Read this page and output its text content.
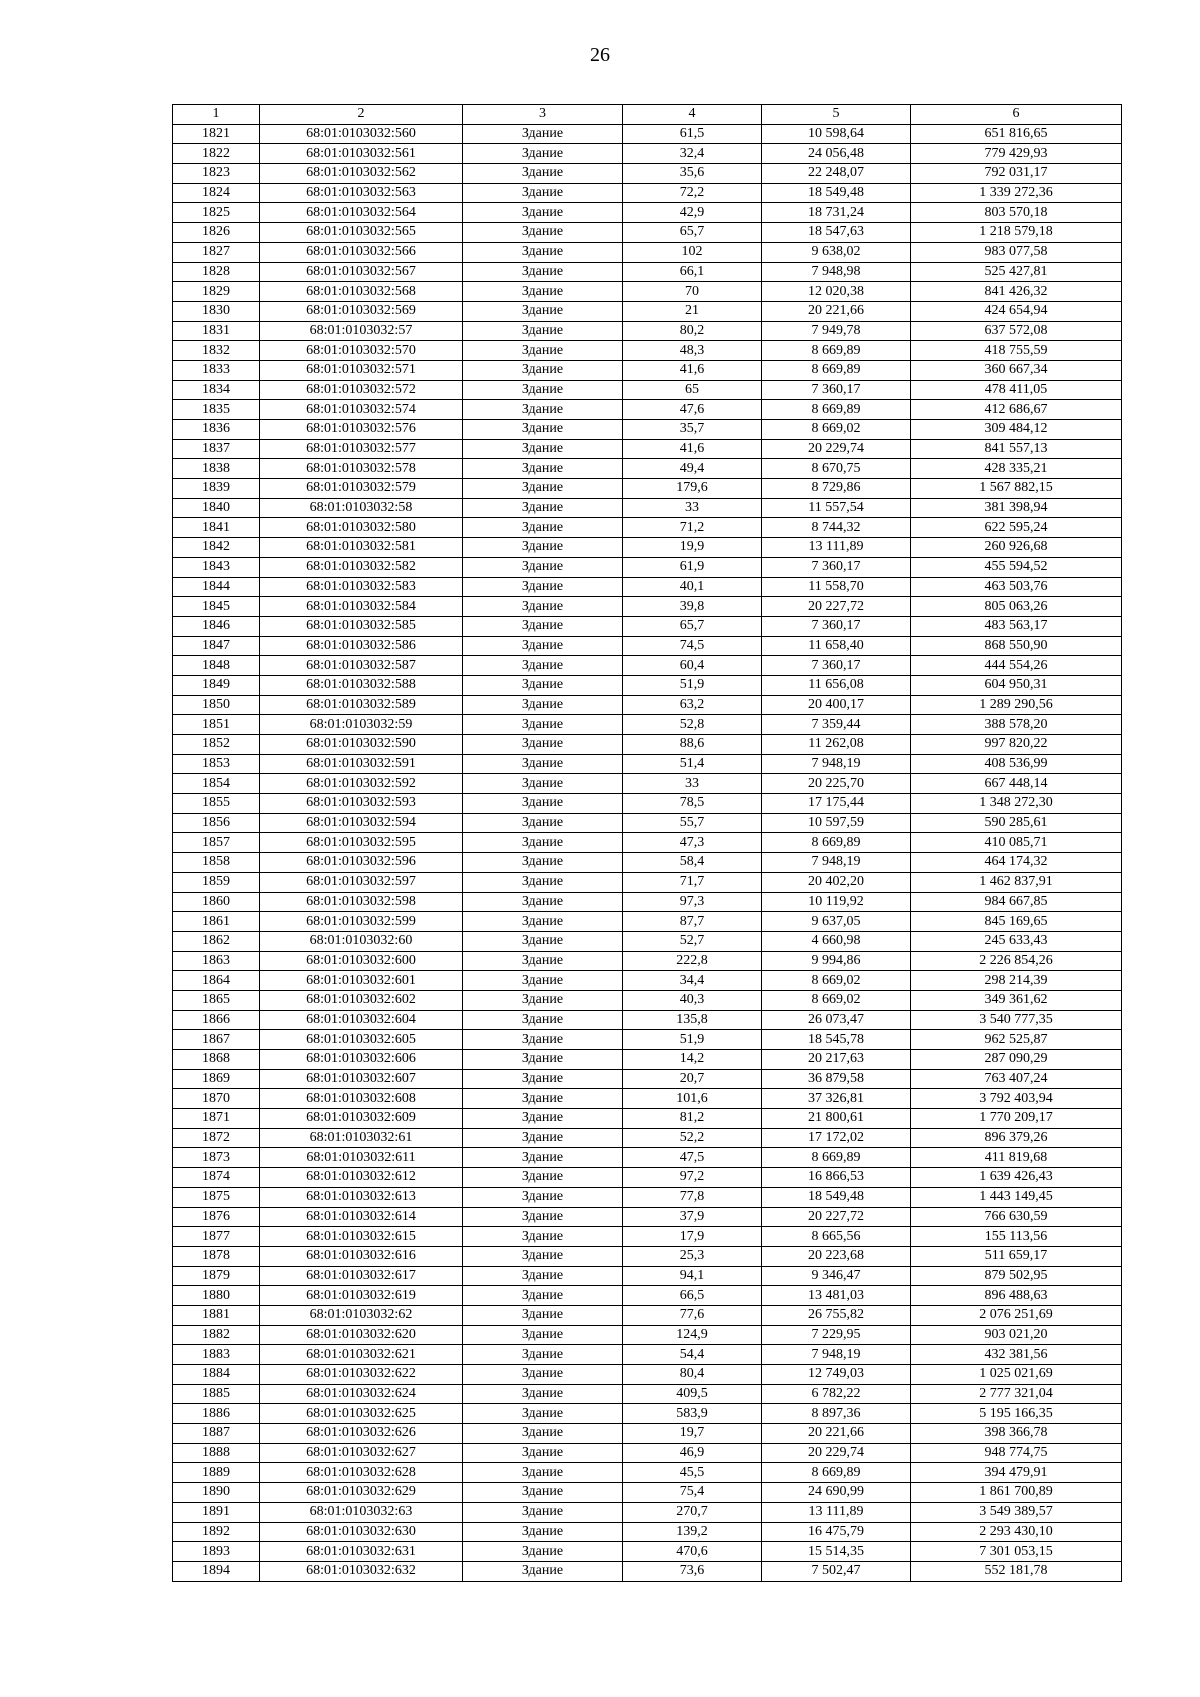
26
1	2	3	4	5	6
1821	68:01:0103032:560	Здание	61,5	10 598,64	651 816,65
1822	68:01:0103032:561	Здание	32,4	24 056,48	779 429,93
1823	68:01:0103032:562	Здание	35,6	22 248,07	792 031,17
1824	68:01:0103032:563	Здание	72,2	18 549,48	1 339 272,36
1825	68:01:0103032:564	Здание	42,9	18 731,24	803 570,18
1826	68:01:0103032:565	Здание	65,7	18 547,63	1 218 579,18
1827	68:01:0103032:566	Здание	102	9 638,02	983 077,58
1828	68:01:0103032:567	Здание	66,1	7 948,98	525 427,81
1829	68:01:0103032:568	Здание	70	12 020,38	841 426,32
1830	68:01:0103032:569	Здание	21	20 221,66	424 654,94
1831	68:01:0103032:57	Здание	80,2	7 949,78	637 572,08
1832	68:01:0103032:570	Здание	48,3	8 669,89	418 755,59
1833	68:01:0103032:571	Здание	41,6	8 669,89	360 667,34
1834	68:01:0103032:572	Здание	65	7 360,17	478 411,05
1835	68:01:0103032:574	Здание	47,6	8 669,89	412 686,67
1836	68:01:0103032:576	Здание	35,7	8 669,02	309 484,12
1837	68:01:0103032:577	Здание	41,6	20 229,74	841 557,13
1838	68:01:0103032:578	Здание	49,4	8 670,75	428 335,21
1839	68:01:0103032:579	Здание	179,6	8 729,86	1 567 882,15
1840	68:01:0103032:58	Здание	33	11 557,54	381 398,94
1841	68:01:0103032:580	Здание	71,2	8 744,32	622 595,24
1842	68:01:0103032:581	Здание	19,9	13 111,89	260 926,68
1843	68:01:0103032:582	Здание	61,9	7 360,17	455 594,52
1844	68:01:0103032:583	Здание	40,1	11 558,70	463 503,76
1845	68:01:0103032:584	Здание	39,8	20 227,72	805 063,26
1846	68:01:0103032:585	Здание	65,7	7 360,17	483 563,17
1847	68:01:0103032:586	Здание	74,5	11 658,40	868 550,90
1848	68:01:0103032:587	Здание	60,4	7 360,17	444 554,26
1849	68:01:0103032:588	Здание	51,9	11 656,08	604 950,31
1850	68:01:0103032:589	Здание	63,2	20 400,17	1 289 290,56
1851	68:01:0103032:59	Здание	52,8	7 359,44	388 578,20
1852	68:01:0103032:590	Здание	88,6	11 262,08	997 820,22
1853	68:01:0103032:591	Здание	51,4	7 948,19	408 536,99
1854	68:01:0103032:592	Здание	33	20 225,70	667 448,14
1855	68:01:0103032:593	Здание	78,5	17 175,44	1 348 272,30
1856	68:01:0103032:594	Здание	55,7	10 597,59	590 285,61
1857	68:01:0103032:595	Здание	47,3	8 669,89	410 085,71
1858	68:01:0103032:596	Здание	58,4	7 948,19	464 174,32
1859	68:01:0103032:597	Здание	71,7	20 402,20	1 462 837,91
1860	68:01:0103032:598	Здание	97,3	10 119,92	984 667,85
1861	68:01:0103032:599	Здание	87,7	9 637,05	845 169,65
1862	68:01:0103032:60	Здание	52,7	4 660,98	245 633,43
1863	68:01:0103032:600	Здание	222,8	9 994,86	2 226 854,26
1864	68:01:0103032:601	Здание	34,4	8 669,02	298 214,39
1865	68:01:0103032:602	Здание	40,3	8 669,02	349 361,62
1866	68:01:0103032:604	Здание	135,8	26 073,47	3 540 777,35
1867	68:01:0103032:605	Здание	51,9	18 545,78	962 525,87
1868	68:01:0103032:606	Здание	14,2	20 217,63	287 090,29
1869	68:01:0103032:607	Здание	20,7	36 879,58	763 407,24
1870	68:01:0103032:608	Здание	101,6	37 326,81	3 792 403,94
1871	68:01:0103032:609	Здание	81,2	21 800,61	1 770 209,17
1872	68:01:0103032:61	Здание	52,2	17 172,02	896 379,26
1873	68:01:0103032:611	Здание	47,5	8 669,89	411 819,68
1874	68:01:0103032:612	Здание	97,2	16 866,53	1 639 426,43
1875	68:01:0103032:613	Здание	77,8	18 549,48	1 443 149,45
1876	68:01:0103032:614	Здание	37,9	20 227,72	766 630,59
1877	68:01:0103032:615	Здание	17,9	8 665,56	155 113,56
1878	68:01:0103032:616	Здание	25,3	20 223,68	511 659,17
1879	68:01:0103032:617	Здание	94,1	9 346,47	879 502,95
1880	68:01:0103032:619	Здание	66,5	13 481,03	896 488,63
1881	68:01:0103032:62	Здание	77,6	26 755,82	2 076 251,69
1882	68:01:0103032:620	Здание	124,9	7 229,95	903 021,20
1883	68:01:0103032:621	Здание	54,4	7 948,19	432 381,56
1884	68:01:0103032:622	Здание	80,4	12 749,03	1 025 021,69
1885	68:01:0103032:624	Здание	409,5	6 782,22	2 777 321,04
1886	68:01:0103032:625	Здание	583,9	8 897,36	5 195 166,35
1887	68:01:0103032:626	Здание	19,7	20 221,66	398 366,78
1888	68:01:0103032:627	Здание	46,9	20 229,74	948 774,75
1889	68:01:0103032:628	Здание	45,5	8 669,89	394 479,91
1890	68:01:0103032:629	Здание	75,4	24 690,99	1 861 700,89
1891	68:01:0103032:63	Здание	270,7	13 111,89	3 549 389,57
1892	68:01:0103032:630	Здание	139,2	16 475,79	2 293 430,10
1893	68:01:0103032:631	Здание	470,6	15 514,35	7 301 053,15
1894	68:01:0103032:632	Здание	73,6	7 502,47	552 181,78
